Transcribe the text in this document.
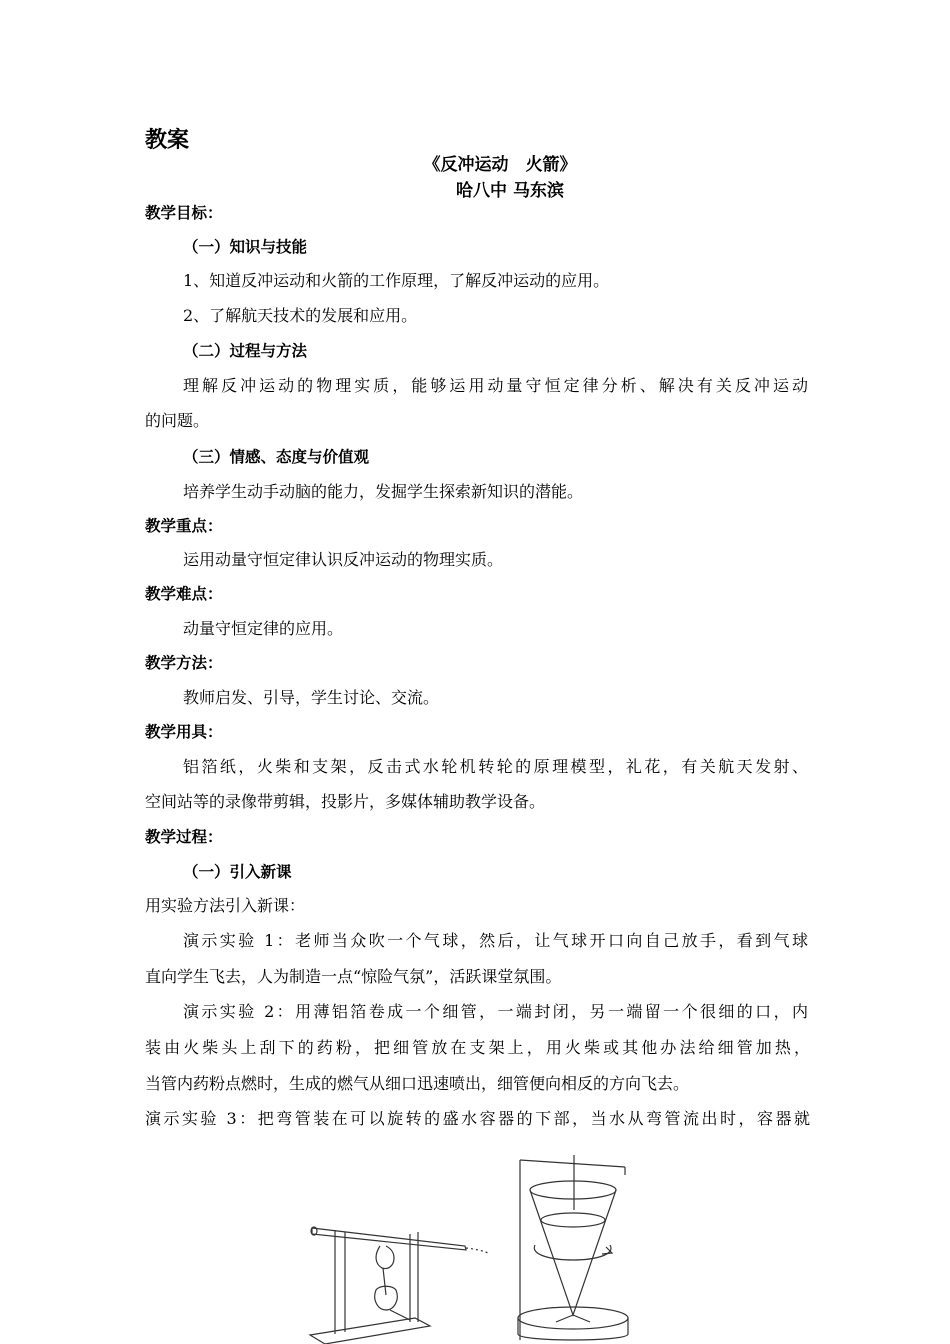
教案
《反冲运动　火箭》
哈八中 马东滨
教学目标：
（一）知识与技能
1、知道反冲运动和火箭的工作原理，了解反冲运动的应用。
2、了解航天技术的发展和应用。
（二）过程与方法
理解反冲运动的物理实质，能够运用动量守恒定律分析、解决有关反冲运动
的问题。
（三）情感、态度与价值观
培养学生动手动脑的能力，发掘学生探索新知识的潜能。
教学重点：
运用动量守恒定律认识反冲运动的物理实质。
教学难点：
动量守恒定律的应用。
教学方法：
教师启发、引导，学生讨论、交流。
教学用具：
铝箔纸，火柴和支架，反击式水轮机转轮的原理模型，礼花，有关航天发射、
空间站等的录像带剪辑，投影片，多媒体辅助教学设备。
教学过程：
（一）引入新课
用实验方法引入新课：
演示实验 1：老师当众吹一个气球，然后，让气球开口向自己放手，看到气球
直向学生飞去，人为制造一点“惊险气氛”，活跃课堂氛围。
演示实验 2：用薄铝箔卷成一个细管，一端封闭，另一端留一个很细的口，内
装由火柴头上刮下的药粉，把细管放在支架上，用火柴或其他办法给细管加热，
当管内药粉点燃时，生成的燃气从细口迅速喷出，细管便向相反的方向飞去。
演示实验 3：把弯管装在可以旋转的盛水容器的下部，当水从弯管流出时，容器就
